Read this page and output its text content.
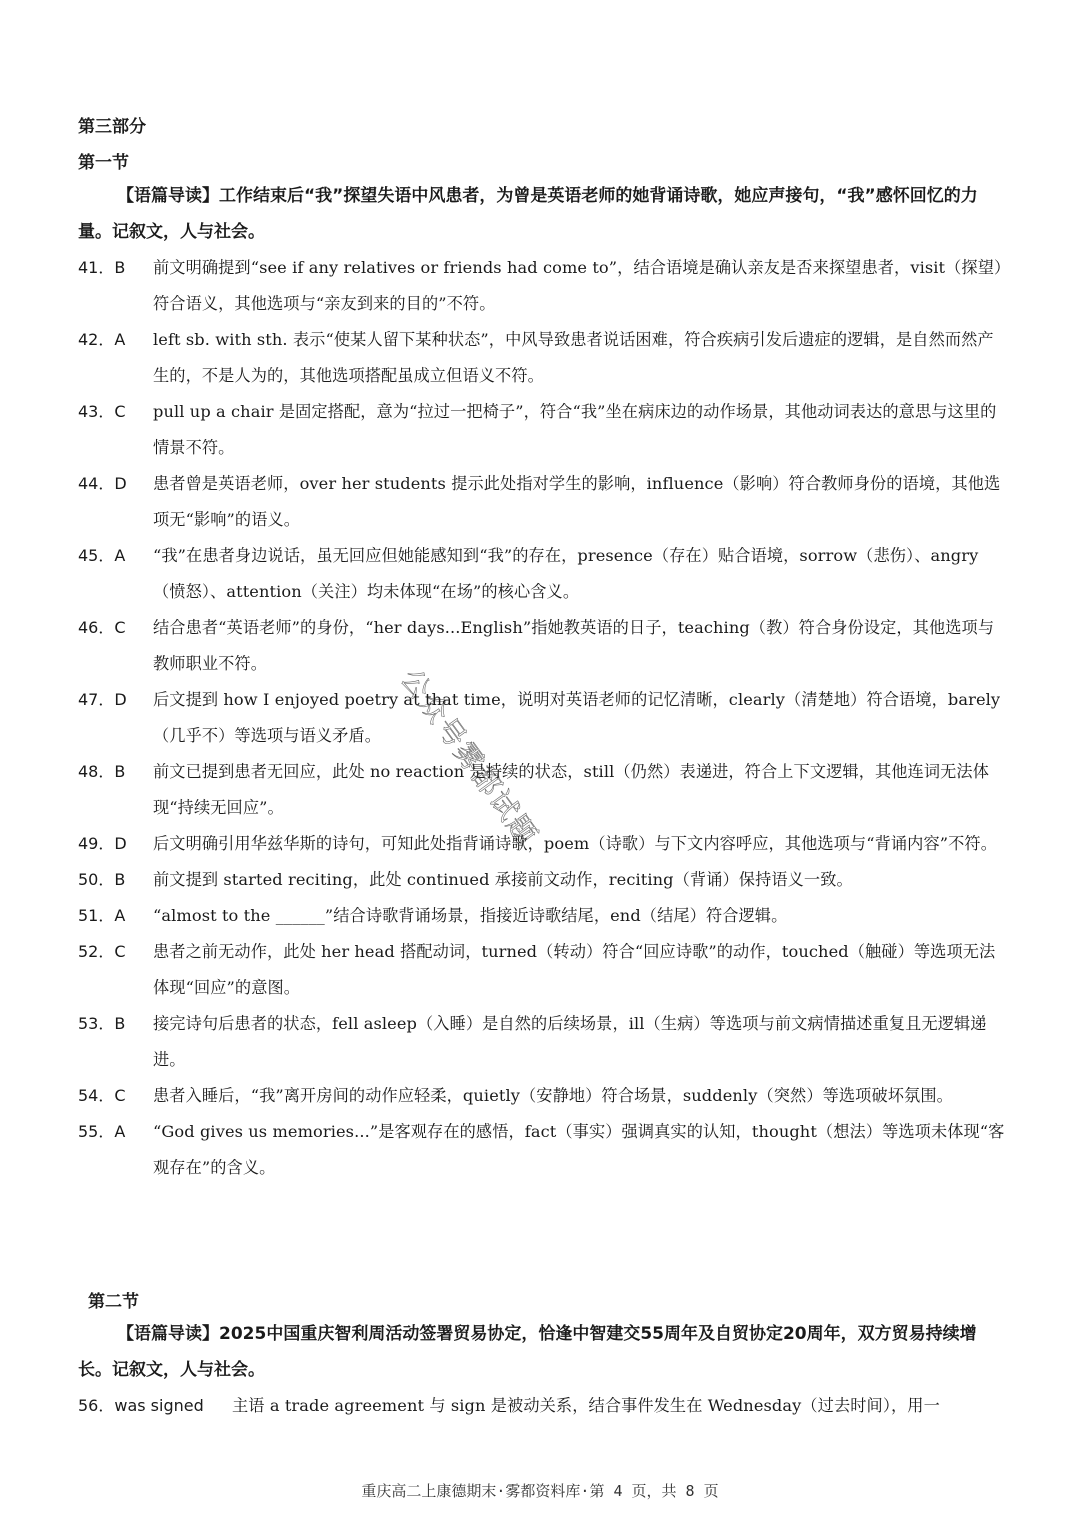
第三部分
第一节

【语篇导读】工作结束后“我”探望失语中风患者，为曾是英语老师的她背诵诗歌，她应声接句，“我”感怀回忆的力量。记叙文，人与社会。

41．B	前文明确提到“see if any relatives or friends had come to”，结合语境是确认亲友是否来探望患者，visit（探望）符合语义，其他选项与“亲友到来的目的”不符。
42．A	left sb. with sth. 表示“使某人留下某种状态”，中风导致患者说话困难，符合疾病引发后遗症的逻辑，是自然而然产生的，不是人为的，其他选项搭配虽成立但语义不符。
43．C	pull up a chair 是固定搭配，意为“拉过一把椅子”，符合“我”坐在病床边的动作场景，其他动词表达的意思与这里的情景不符。
44．D	患者曾是英语老师，over her students 提示此处指对学生的影响，influence（影响）符合教师身份的语境，其他选项无“影响”的语义。
45．A	“我”在患者身边说话，虽无回应但她能感知到“我”的存在，presence（存在）贴合语境，sorrow（悲伤）、angry（愤怒）、attention（关注）均未体现“在场”的核心含义。
46．C	结合患者“英语老师”的身份，“her days...English”指她教英语的日子，teaching（教）符合身份设定，其他选项与教师职业不符。
47．D	后文提到 how I enjoyed poetry at that time，说明对英语老师的记忆清晰，clearly（清楚地）符合语境，barely（几乎不）等选项与语义矛盾。
48．B	前文已提到患者无回应，此处 no reaction 是持续的状态，still（仍然）表递进，符合上下文逻辑，其他连词无法体现“持续无回应”。
49．D	后文明确引用华兹华斯的诗句，可知此处指背诵诗歌，poem（诗歌）与下文内容呼应，其他选项与“背诵内容”不符。
50．B	前文提到 started reciting，此处 continued 承接前文动作，reciting（背诵）保持语义一致。
51．A	“almost to the ______”结合诗歌背诵场景，指接近诗歌结尾，end（结尾）符合逻辑。
52．C	患者之前无动作，此处 her head 搭配动词，turned（转动）符合“回应诗歌”的动作，touched（触碰）等选项无法体现“回应”的意图。
53．B	接完诗句后患者的状态，fell asleep（入睡）是自然的后续场景，ill（生病）等选项与前文病情描述重复且无逻辑递进。
54．C	患者入睡后，“我”离开房间的动作应轻柔，quietly（安静地）符合场景，suddenly（突然）等选项破坏氛围。
55．A	“God gives us memories...”是客观存在的感悟，fact（事实）强调真实的认知，thought（想法）等选项未体现“客观存在”的含义。
第二节

【语篇导读】2025中国重庆智利周活动签署贸易协定，恰逢中智建交55周年及自贸协定20周年，双方贸易持续增长。记叙文，人与社会。

56．was signed	主语 a trade agreement 与 sign 是被动关系，结合事件发生在 Wednesday（过去时间），用一
公众号雾都试题
重庆高二上康德期末·雾都资料库·第 4 页，共 8 页
